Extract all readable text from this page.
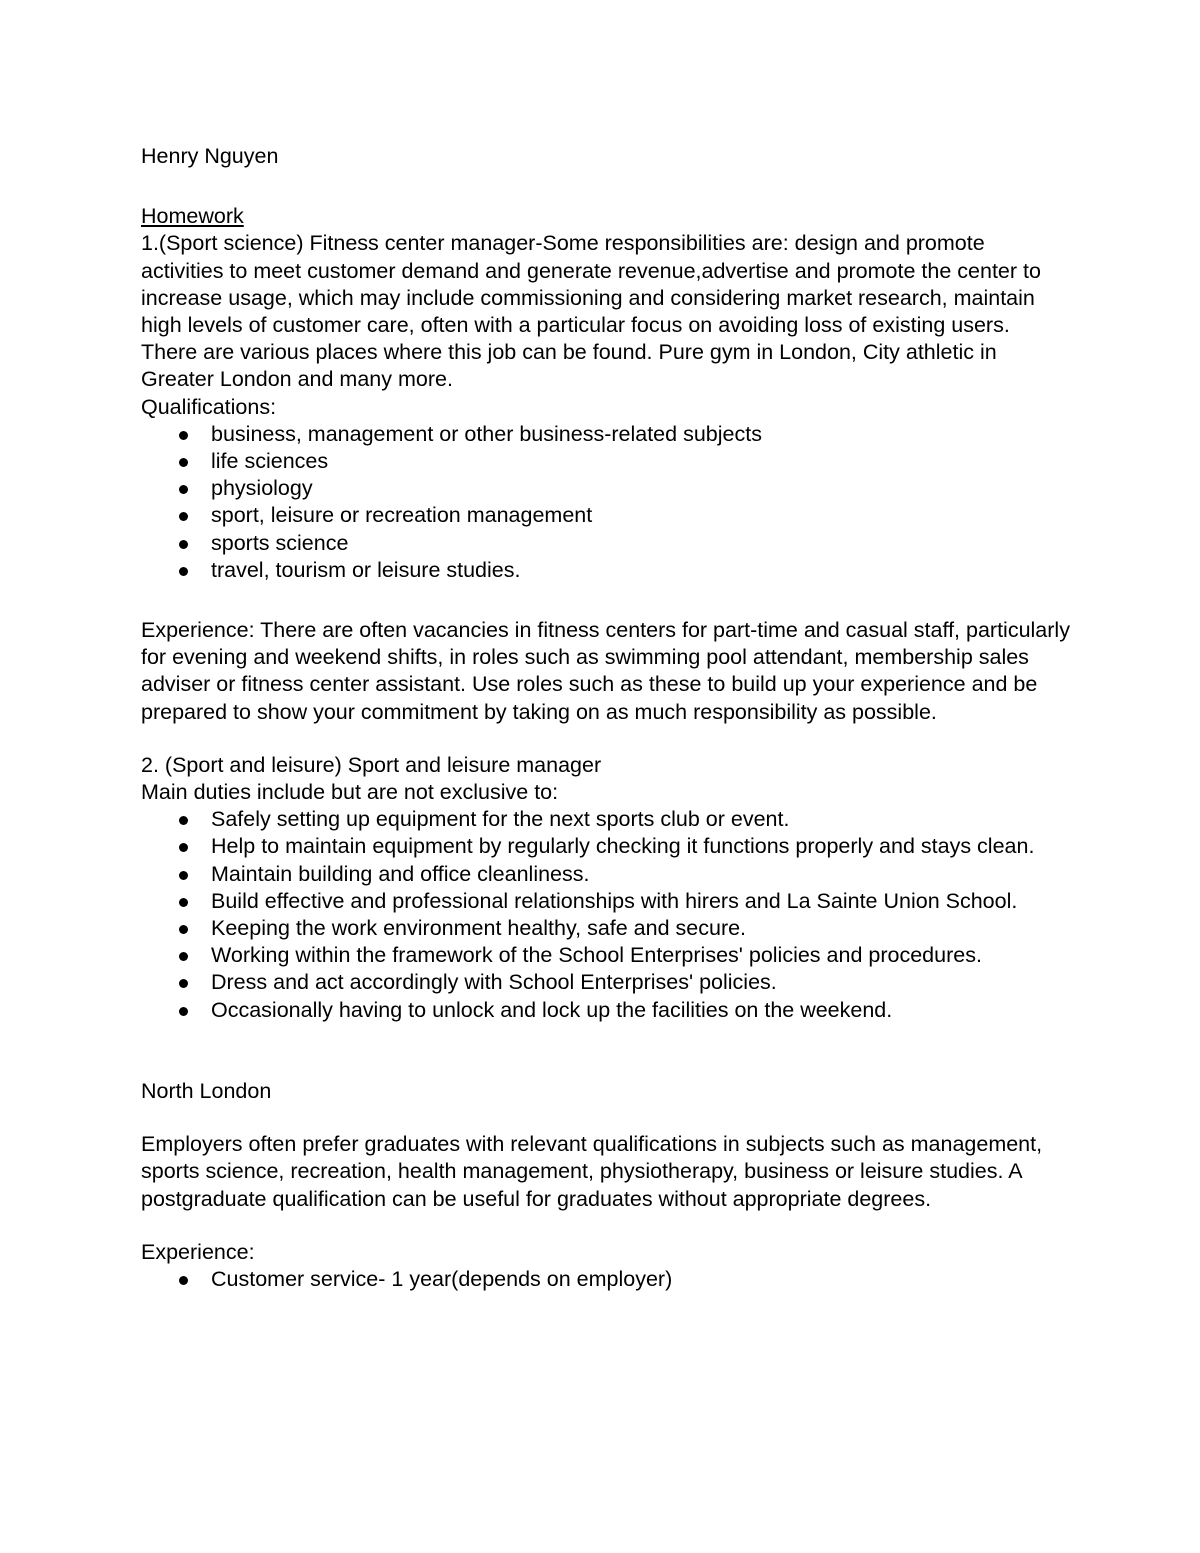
Henry Nguyen

Homework

1.(Sport science) Fitness center manager-Some responsibilities are: design and promote activities to meet customer demand and generate revenue,advertise and promote the center to increase usage, which may include commissioning and considering market research, maintain high levels of customer care, often with a particular focus on avoiding loss of existing users. There are various places where this job can be found. Pure gym in London, City athletic in Greater London and many more.

Qualifications:

business, management or other business-related subjects
life sciences
physiology
sport, leisure or recreation management
sports science
travel, tourism or leisure studies.

Experience: There are often vacancies in fitness centers for part-time and casual staff, particularly for evening and weekend shifts, in roles such as swimming pool attendant, membership sales adviser or fitness center assistant. Use roles such as these to build up your experience and be prepared to show your commitment by taking on as much responsibility as possible.

2. (Sport and leisure) Sport and leisure manager

Main duties include but are not exclusive to:

Safely setting up equipment for the next sports club or event.
Help to maintain equipment by regularly checking it functions properly and stays clean.
Maintain building and office cleanliness.
Build effective and professional relationships with hirers and La Sainte Union School.
Keeping the work environment healthy, safe and secure.
Working within the framework of the School Enterprises' policies and procedures.
Dress and act accordingly with School Enterprises' policies.
Occasionally having to unlock and lock up the facilities on the weekend.

North London

Employers often prefer graduates with relevant qualifications in subjects such as management, sports science, recreation, health management, physiotherapy, business or leisure studies. A postgraduate qualification can be useful for graduates without appropriate degrees.

Experience:

Customer service- 1 year(depends on employer)
